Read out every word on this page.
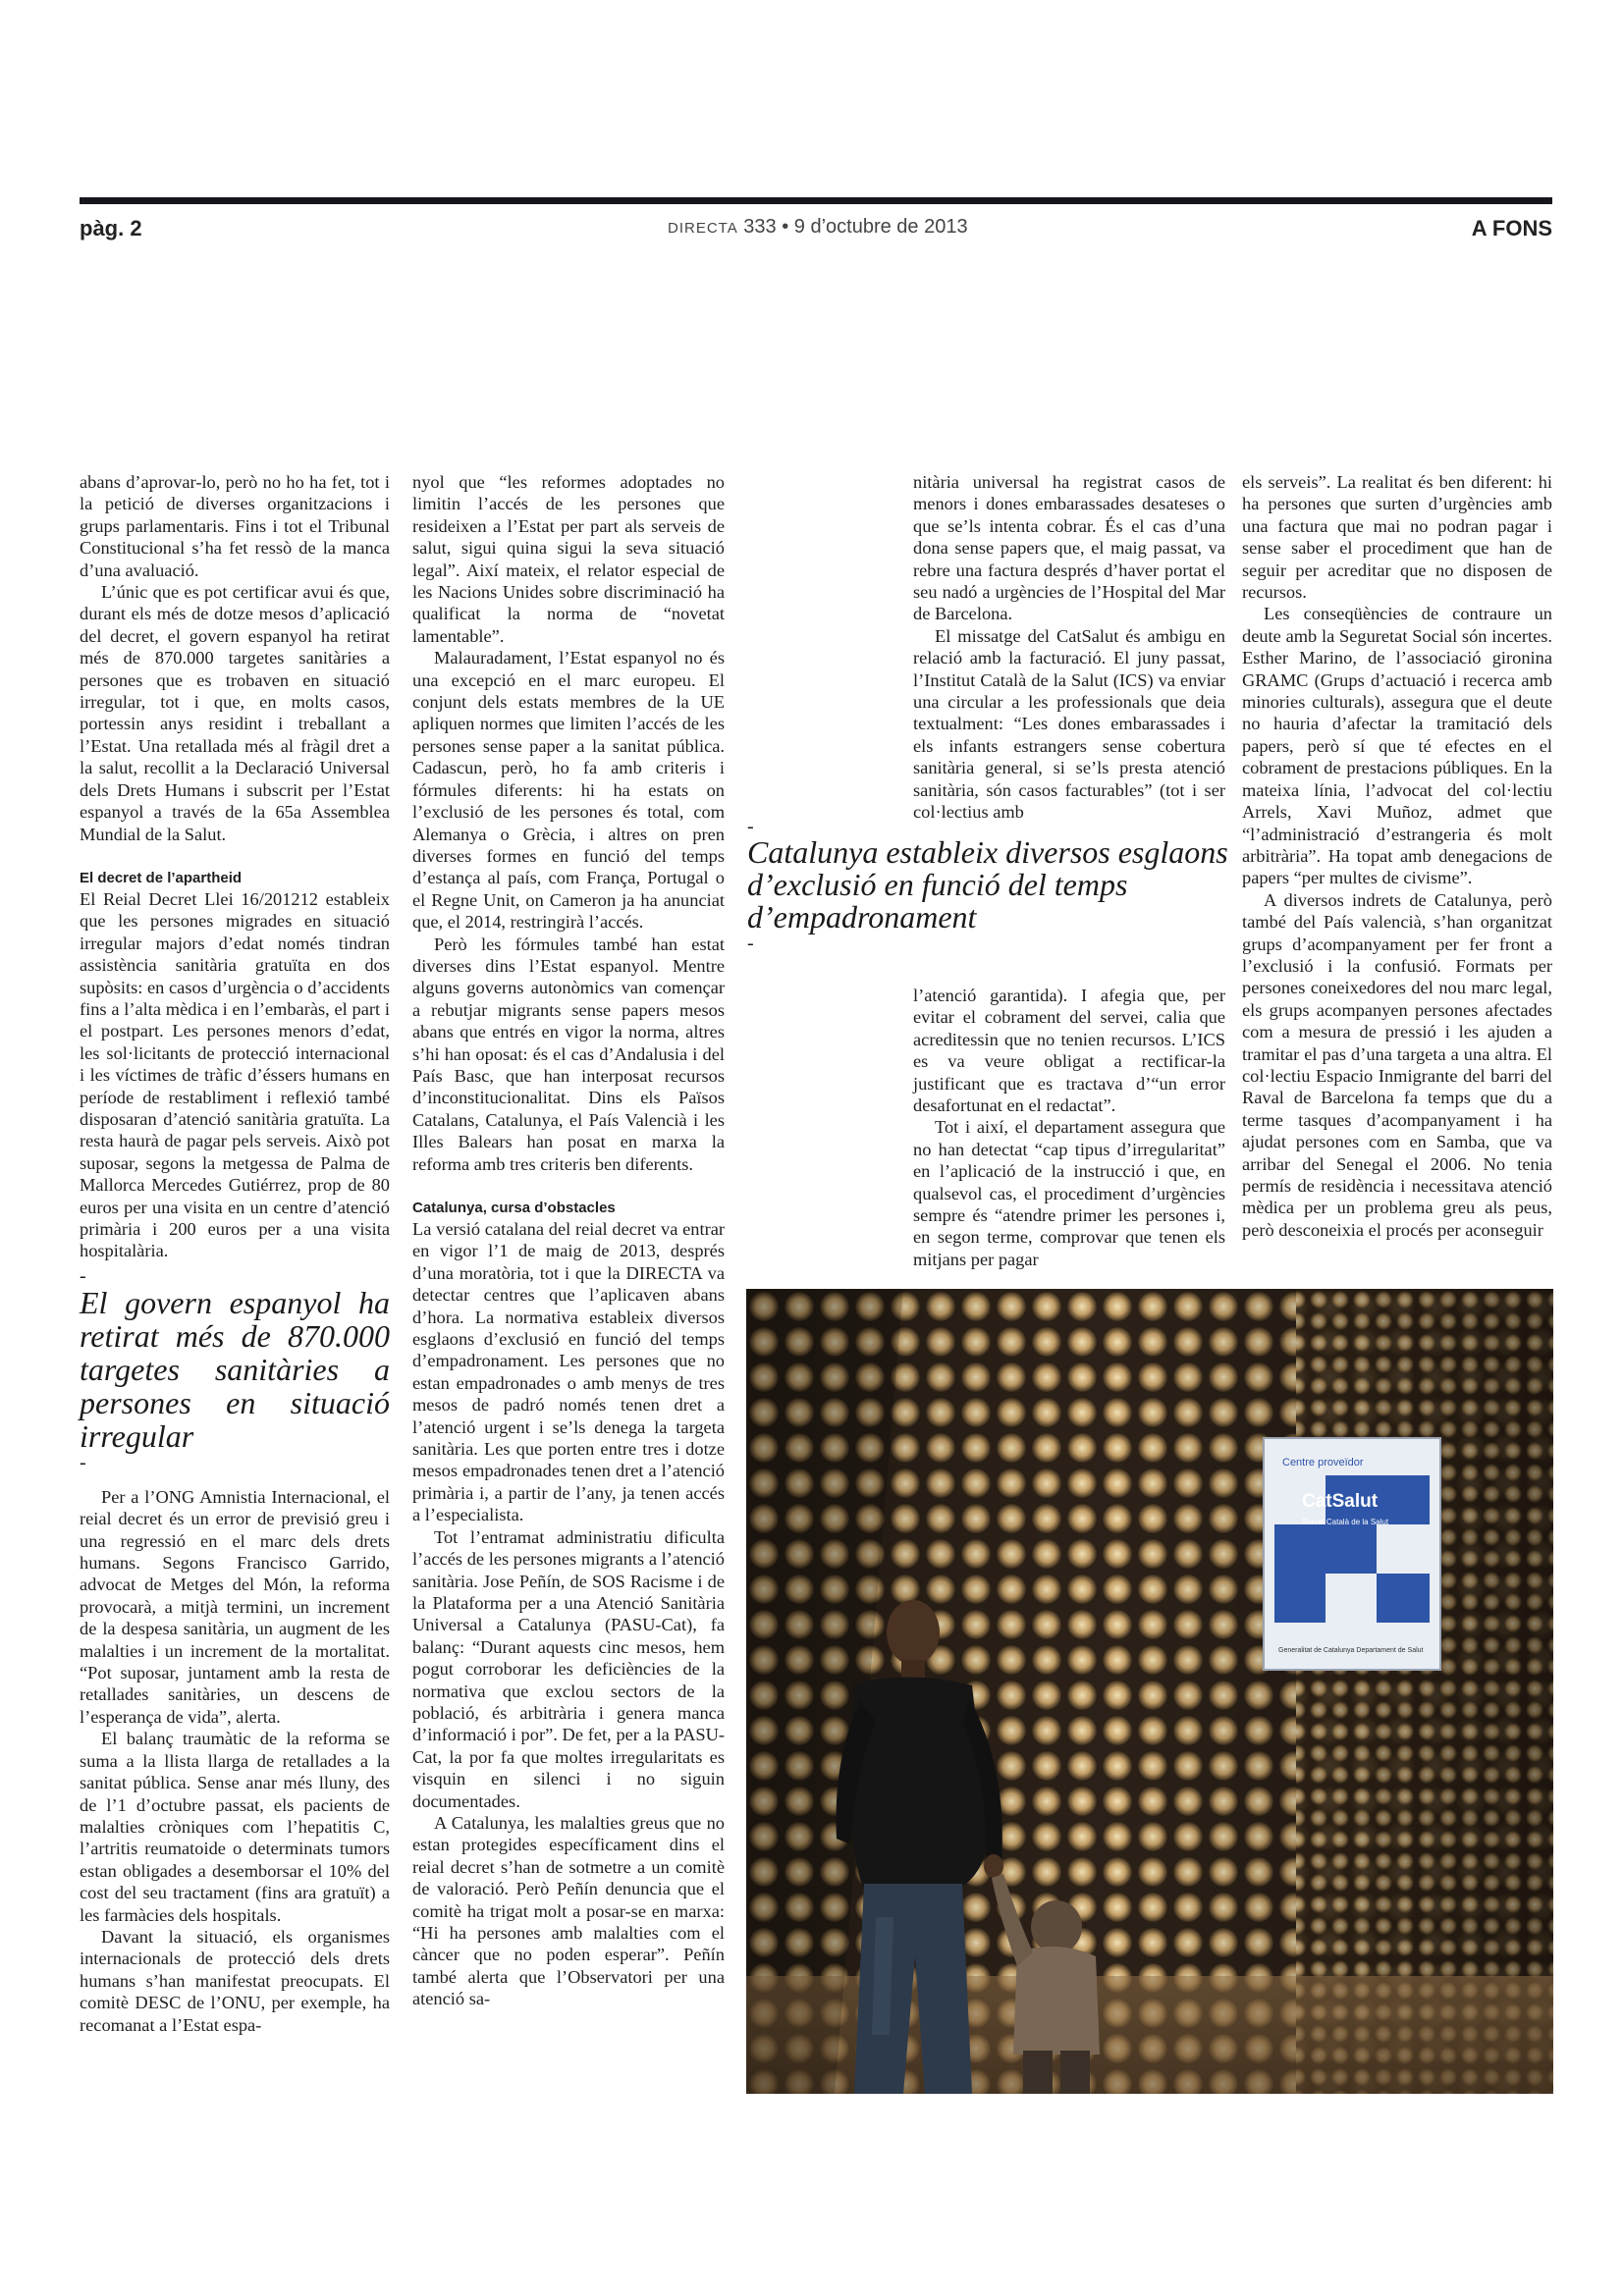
pàg. 2	DIRECTA 333 • 9 d’octubre de 2013	A FONS

abans d’aprovar-lo, però no ho ha fet, tot i la petició de diverses organitzacions i grups parlamentaris. Fins i tot el Tribunal Constitucional s’ha fet ressò de la manca d’una avaluació.

L’únic que es pot certificar avui és que, durant els més de dotze mesos d’aplicació del decret, el govern espanyol ha retirat més de 870.000 targetes sanitàries a persones que es trobaven en situació irregular, tot i que, en molts casos, portessin anys residint i treballant a l’Estat. Una retallada més al fràgil dret a la salut, recollit a la Declaració Universal dels Drets Humans i subscrit per l’Estat espanyol a través de la 65a Assemblea Mundial de la Salut.

El decret de l’apartheid

El Reial Decret Llei 16/201212 estableix que les persones migrades en situació irregular majors d’edat només tindran assistència sanitària gratuïta en dos supòsits: en casos d’urgència o d’accidents fins a l’alta mèdica i en l’embaràs, el part i el postpart. Les persones menors d’edat, les sol·licitants de protecció internacional i les víctimes de tràfic d’éssers humans en període de restabliment i reflexió també disposaran d’atenció sanitària gratuïta. La resta haurà de pagar pels serveis. Això pot suposar, segons la metgessa de Palma de Mallorca Mercedes Gutiérrez, prop de 80 euros per una visita en un centre d’atenció primària i 200 euros per a una visita hospitalària.

-
El govern espanyol ha retirat més de 870.000 targetes sanitàries a persones en situació irregular
-

Per a l’ONG Amnistia Internacional, el reial decret és un error de previsió greu i una regressió en el marc dels drets humans. Segons Francisco Garrido, advocat de Metges del Món, la reforma provocarà, a mitjà termini, un increment de la despesa sanitària, un augment de les malalties i un increment de la mortalitat. “Pot suposar, juntament amb la resta de retallades sanitàries, un descens de l’esperança de vida”, alerta.

El balanç traumàtic de la reforma se suma a la llista llarga de retallades a la sanitat pública. Sense anar més lluny, des de l’1 d’octubre passat, els pacients de malalties cròniques com l’hepatitis C, l’artritis reumatoide o determinats tumors estan obligades a desemborsar el 10% del cost del seu tractament (fins ara gratuït) a les farmàcies dels hospitals.

Davant la situació, els organismes internacionals de protecció dels drets humans s’han manifestat preocupats. El comitè DESC de l’ONU, per exemple, ha recomanat a l’Estat espa-

nyol que “les reformes adoptades no limitin l’accés de les persones que resideixen a l’Estat per part als serveis de salut, sigui quina sigui la seva situació legal”. Així mateix, el relator especial de les Nacions Unides sobre discriminació ha qualificat la norma de “novetat lamentable”.

Malauradament, l’Estat espanyol no és una excepció en el marc europeu. El conjunt dels estats membres de la UE apliquen normes que limiten l’accés de les persones sense paper a la sanitat pública. Cadascun, però, ho fa amb criteris i fórmules diferents: hi ha estats on l’exclusió de les persones és total, com Alemanya o Grècia, i altres on pren diverses formes en funció del temps d’estança al país, com França, Portugal o el Regne Unit, on Cameron ja ha anunciat que, el 2014, restringirà l’accés.

Però les fórmules també han estat diverses dins l’Estat espanyol. Mentre alguns governs autonòmics van començar a rebutjar migrants sense papers mesos abans que entrés en vigor la norma, altres s’hi han oposat: és el cas d’Andalusia i del País Basc, que han interposat recursos d’inconstitucionalitat. Dins els Països Catalans, Catalunya, el País Valencià i les Illes Balears han posat en marxa la reforma amb tres criteris ben diferents.

Catalunya, cursa d’obstacles

La versió catalana del reial decret va entrar en vigor l’1 de maig de 2013, després d’una moratòria, tot i que la DIRECTA va detectar centres que l’aplicaven abans d’hora. La normativa estableix diversos esglaons d’exclusió en funció del temps d’empadronament. Les persones que no estan empadronades o amb menys de tres mesos de padró només tenen dret a l’atenció urgent i se’ls denega la targeta sanitària. Les que porten entre tres i dotze mesos empadronades tenen dret a l’atenció primària i, a partir de l’any, ja tenen accés a l’especialista.

Tot l’entramat administratiu dificulta l’accés de les persones migrants a l’atenció sanitària. Jose Peñín, de SOS Racisme i de la Plataforma per a una Atenció Sanitària Universal a Catalunya (PASU-Cat), fa balanç: “Durant aquests cinc mesos, hem pogut corroborar les deficiències de la normativa que exclou sectors de la població, és arbitrària i genera manca d’informació i por”. De fet, per a la PASU-Cat, la por fa que moltes irregularitats es visquin en silenci i no siguin documentades.

A Catalunya, les malalties greus que no estan protegides específicament dins el reial decret s’han de sotmetre a un comitè de valoració. Però Peñín denuncia que el comitè ha trigat molt a posar-se en marxa: “Hi ha persones amb malalties com el càncer que no poden esperar”. Peñín també alerta que l’Observatori per una atenció sa-

nitària universal ha registrat casos de menors i dones embarassades desateses o que se’ls intenta cobrar. És el cas d’una dona sense papers que, el maig passat, va rebre una factura després d’haver portat el seu nadó a urgències de l’Hospital del Mar de Barcelona.

El missatge del CatSalut és ambigu en relació amb la facturació. El juny passat, l’Institut Català de la Salut (ICS) va enviar una circular a les professionals que deia textualment: “Les dones embarassades i els infants estrangers sense cobertura sanitària general, si se’ls presta atenció sanitària, són casos facturables” (tot i ser col·lectius amb

-
Catalunya estableix diversos esglaons d’exclusió en funció del temps d’empadronament
-

l’atenció garantida). I afegia que, per evitar el cobrament del servei, calia que acreditessin que no tenien recursos. L’ICS es va veure obligat a rectificar-la justificant que es tractava d’“un error desafortunat en el redactat”.

Tot i així, el departament assegura que no han detectat “cap tipus d’irregularitat” en l’aplicació de la instrucció i que, en qualsevol cas, el procediment d’urgències sempre és “atendre primer les persones i, en segon terme, comprovar que tenen els mitjans per pagar

els serveis”. La realitat és ben diferent: hi ha persones que surten d’urgències amb una factura que mai no podran pagar i sense saber el procediment que han de seguir per acreditar que no disposen de recursos.

Les conseqüències de contraure un deute amb la Seguretat Social són incertes. Esther Marino, de l’associació gironina GRAMC (Grups d’actuació i recerca amb minories culturals), assegura que el deute no hauria d’afectar la tramitació dels papers, però sí que té efectes en el cobrament de prestacions públiques. En la mateixa línia, l’advocat del col·lectiu Arrels, Xavi Muñoz, admet que “l’administració d’estrangeria és molt arbitrària”. Ha topat amb denegacions de papers “per multes de civisme”.

A diversos indrets de Catalunya, però també del País valencià, s’han organitzat grups d’acompanyament per fer front a l’exclusió i la confusió. Formats per persones coneixedores del nou marc legal, els grups acompanyen persones afectades com a mesura de pressió i les ajuden a tramitar el pas d’una targeta a una altra. El col·lectiu Espacio Inmigrante del barri del Raval de Barcelona fa temps que du a terme tasques d’acompanyament i ha ajudat persones com en Samba, que va arribar del Senegal el 2006. No tenia permís de residència i necessitava atenció mèdica per un problema greu als peus, però desconeixia el procés per aconseguir

Centre proveïdor
CatSalut
Servei Català de la Salut
Generalitat de Catalunya Departament de Salut
